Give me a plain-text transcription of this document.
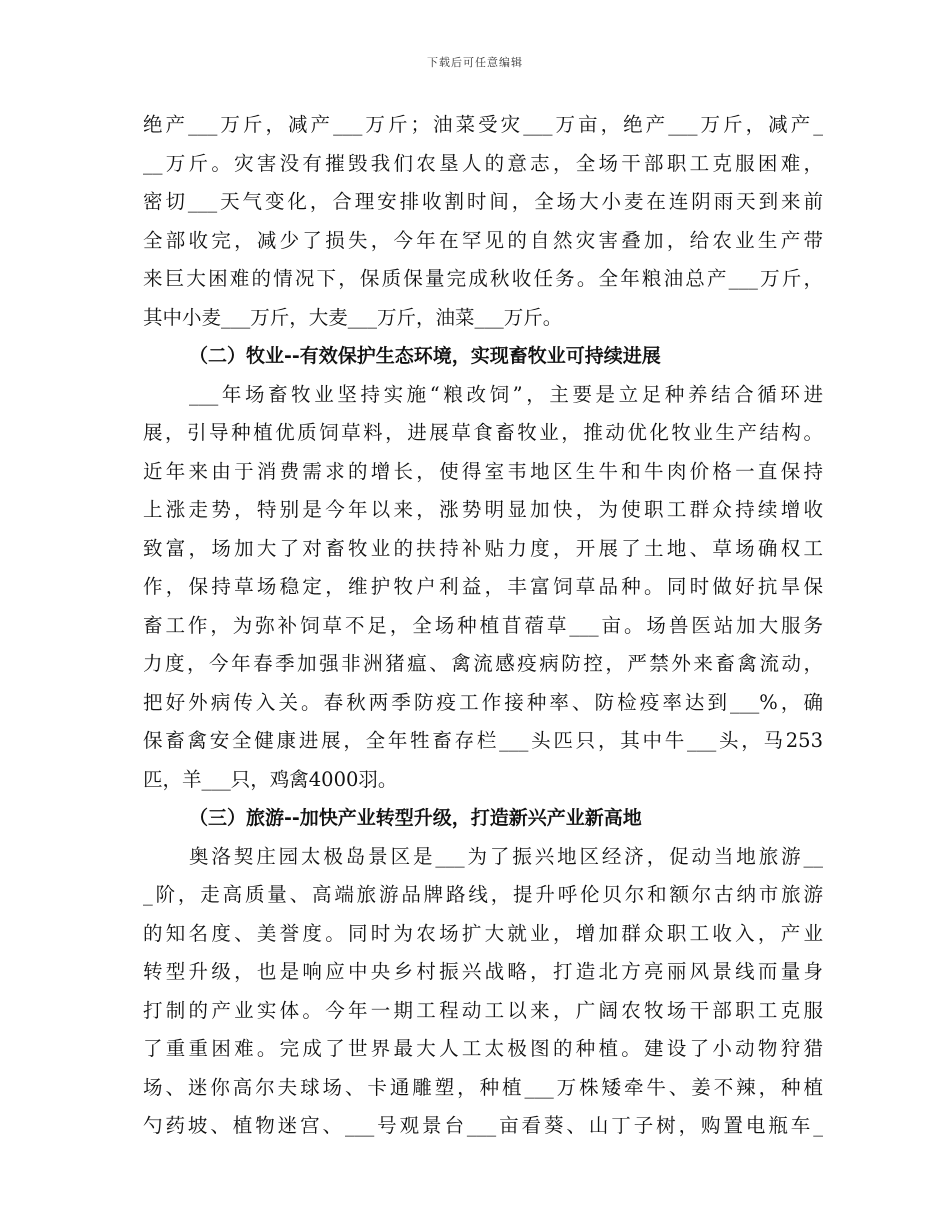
下载后可任意编辑
绝产___万斤，减产___万斤；油菜受灾___万亩，绝产___万斤，减产_
__万斤。灾害没有摧毁我们农垦人的意志，全场干部职工克服困难，
密切___天气变化，合理安排收割时间，全场大小麦在连阴雨天到来前
全部收完，减少了损失，今年在罕见的自然灾害叠加，给农业生产带
来巨大困难的情况下，保质保量完成秋收任务。全年粮油总产___万斤，
其中小麦___万斤，大麦___万斤，油菜___万斤。
（二）牧业--有效保护生态环境，实现畜牧业可持续进展
___年场畜牧业坚持实施“粮改饲”，主要是立足种养结合循环进
展，引导种植优质饲草料，进展草食畜牧业，推动优化牧业生产结构。
近年来由于消费需求的增长，使得室韦地区生牛和牛肉价格一直保持
上涨走势，特别是今年以来，涨势明显加快，为使职工群众持续增收
致富，场加大了对畜牧业的扶持补贴力度，开展了土地、草场确权工
作，保持草场稳定，维护牧户利益，丰富饲草品种。同时做好抗旱保
畜工作，为弥补饲草不足，全场种植苜蓿草___亩。场兽医站加大服务
力度，今年春季加强非洲猪瘟、禽流感疫病防控，严禁外来畜禽流动，
把好外病传入关。春秋两季防疫工作接种率、防检疫率达到___%，确
保畜禽安全健康进展，全年牲畜存栏___头匹只，其中牛___头，马253
匹，羊___只，鸡禽4000羽。
（三）旅游--加快产业转型升级，打造新兴产业新高地
奥洛契庄园太极岛景区是___为了振兴地区经济，促动当地旅游__
_阶，走高质量、高端旅游品牌路线，提升呼伦贝尔和额尔古纳市旅游
的知名度、美誉度。同时为农场扩大就业，增加群众职工收入，产业
转型升级，也是响应中央乡村振兴战略，打造北方亮丽风景线而量身
打制的产业实体。今年一期工程动工以来，广阔农牧场干部职工克服
了重重困难。完成了世界最大人工太极图的种植。建设了小动物狩猎
场、迷你高尔夫球场、卡通雕塑，种植___万株矮牵牛、姜不辣，种植
勺药坡、植物迷宫、___号观景台___亩看葵、山丁子树，购置电瓶车_
